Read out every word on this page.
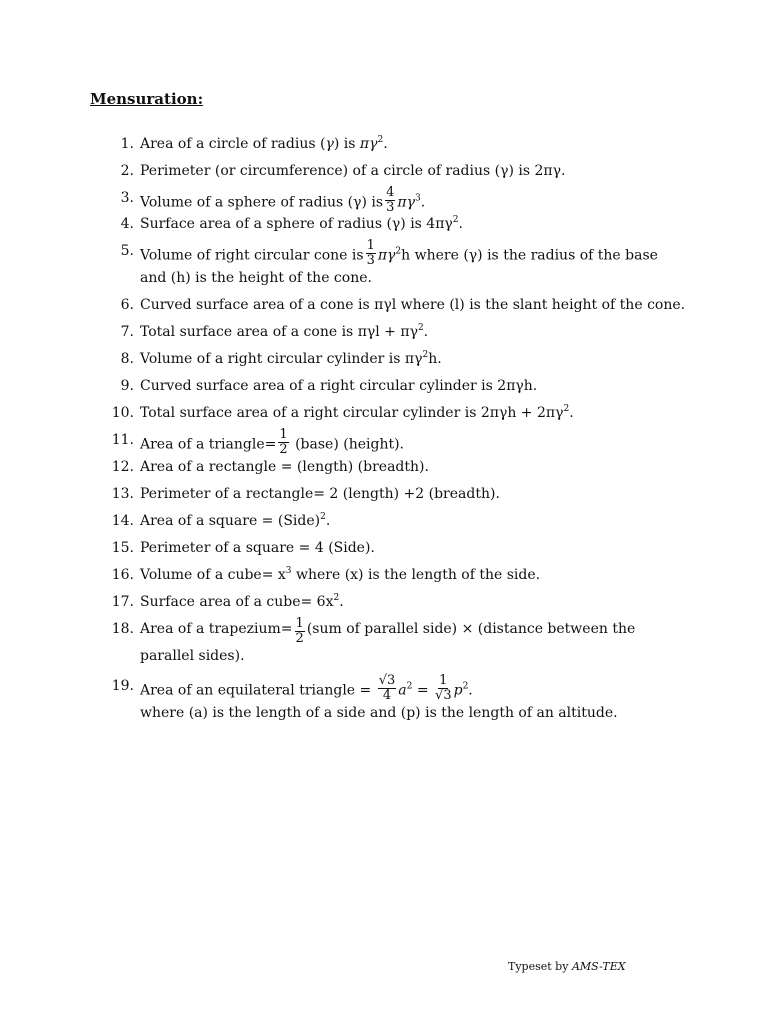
Mensuration:
1. Area of a circle of radius (γ) is $\pi\gamma^2$.
2. Perimeter (or circumference) of a circle of radius (γ) is 2πγ.
3. Volume of a sphere of radius (γ) is $\frac{4}{3} \pi\gamma^3$.
4. Surface area of a sphere of radius (γ) is $4\pi\gamma^2$.
5. Volume of right circular cone is $\frac{1}{3} \pi\gamma^2h$ where (γ) is the radius of the base
and (h) is the height of the cone.
6. Curved surface area of a cone is πγl where (l) is the slant height of the cone.
7. Total surface area of a cone is $\pi\gamma l + \pi\gamma^2$.
8. Volume of a right circular cylinder is $\pi\gamma^2h$.
9. Curved surface area of a right circular cylinder is 2πγh.
10. Total surface area of a right circular cylinder is $2\pi\gamma h + 2\pi\gamma^2$.
11. Area of a triangle= $\frac{1}{2}$ (base) (height).
12. Area of a rectangle = (length) (breadth).
13. Perimeter of a rectangle= 2 (length) +2 (breadth).
14. Area of a square = (Side)$^2$.
15. Perimeter of a square = 4 (Side).
16. Volume of a cube= $x^3$ where (x) is the length of the side.
17. Surface area of a cube= $6x^2$.
18. Area of a trapezium= $\frac{1}{2} (sum$ of parallel side) × (distance between the
parallel sides).
19. Area of an equilateral triangle = $\frac{√3}{4} a^2 = \frac{1}{√3} p^2$.
where (a) is the length of a side and (p) is the length of an altitude.
Typeset by AMS-TEX
